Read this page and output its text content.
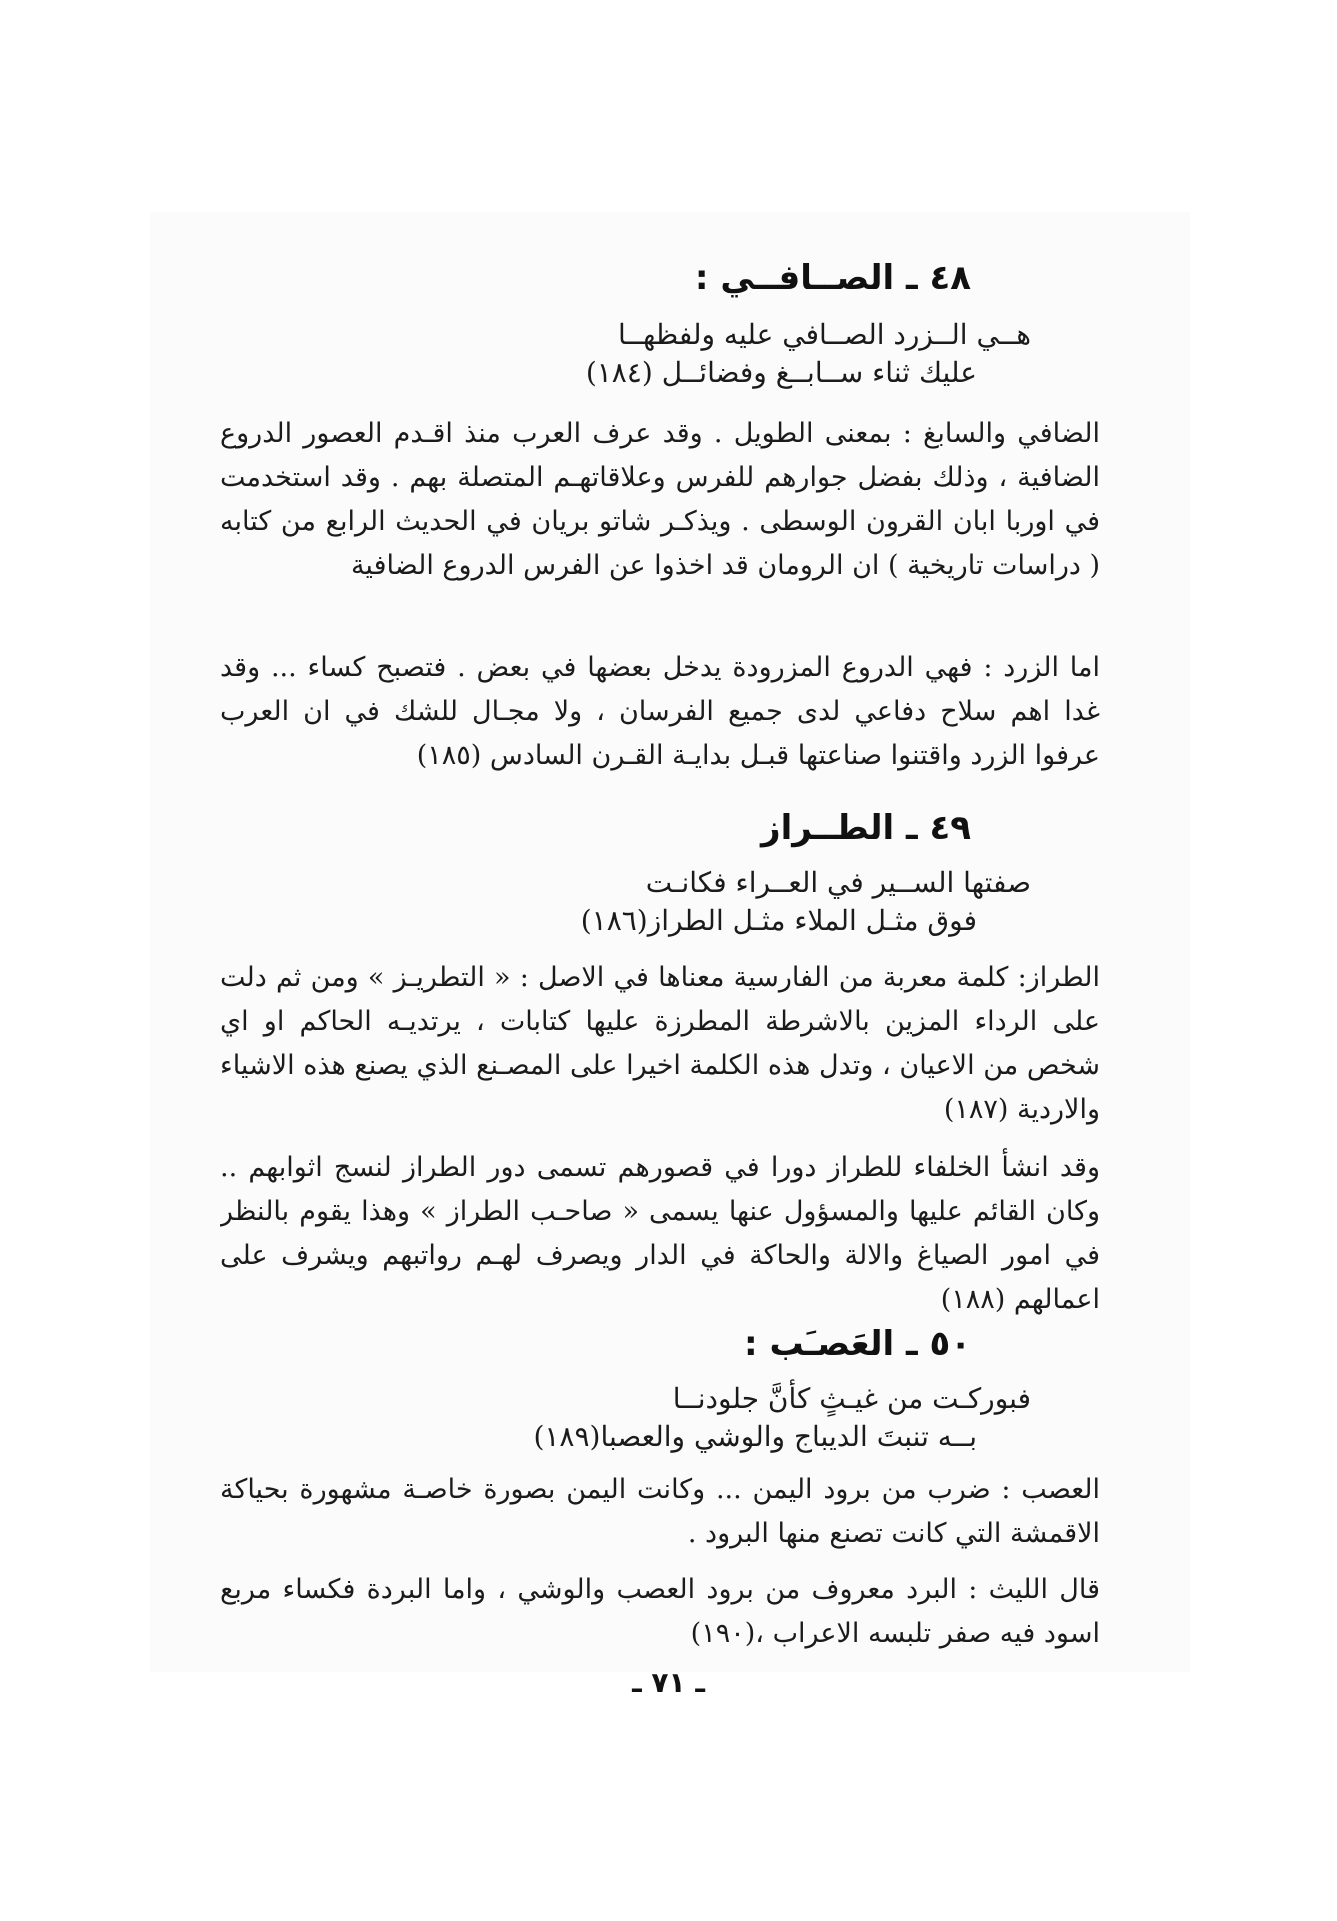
٤٨ ـ الصــافــي :
هــي الــزرد الصــافي عليه ولفظهــا
عليك ثناء ســابــغ وفضائــل (١٨٤)

الضافي والسابغ : بمعنى الطويل . وقد عرف العرب منذ اقـدم العصور الدروع الضافية ، وذلك بفضل جوارهم للفرس وعلاقاتهـم المتصلة بهم . وقد استخدمت في اوربا ابان القرون الوسطى . ويذكـر شاتو بريان في الحديث الرابع من كتابه ( دراسات تاريخية ) ان الرومان قد اخذوا عن الفرس الدروع الضافية

اما الزرد : فهي الدروع المزرودة يدخل بعضها في بعض . فتصبح كساء ... وقد غدا اهم سلاح دفاعي لدى جميع الفرسان ، ولا مجـال للشك في ان العرب عرفوا الزرد واقتنوا صناعتها قبـل بدايـة القـرن السادس (١٨٥)

٤٩ ـ الطــراز
صفتها الســير في العــراء فكانـت
فوق مثـل الملاء مثـل الطراز(١٨٦)

الطراز: كلمة معربة من الفارسية معناها في الاصل : « التطريـز » ومن ثم دلت على الرداء المزين بالاشرطة المطرزة عليها كتابات ، يرتديـه الحاكم او اي شخص من الاعيان ، وتدل هذه الكلمة اخيرا على المصـنع الذي يصنع هذه الاشياء والاردية (١٨٧)

وقد انشأ الخلفاء للطراز دورا في قصورهم تسمى دور الطراز لنسج اثوابهم .. وكان القائم عليها والمسؤول عنها يسمى « صاحـب الطراز » وهذا يقوم بالنظر في امور الصياغ والالة والحاكة في الدار ويصرف لهـم رواتبهم ويشرف على اعمالهم (١٨٨)

٥٠ ـ العَصـَب :
فبوركـت من غيـثٍ كأنَّ جلودنــا
بــه تنبتَ الديباج والوشي والعصبا(١٨٩)

العصب : ضرب من برود اليمن ... وكانت اليمن بصورة خاصـة مشهورة بحياكة الاقمشة التي كانت تصنع منها البرود .

قال الليث : البرد معروف من برود العصب والوشي ، واما البردة فكساء مربع اسود فيه صفر تلبسه الاعراب ،(١٩٠)

ـ ٧١ ـ
